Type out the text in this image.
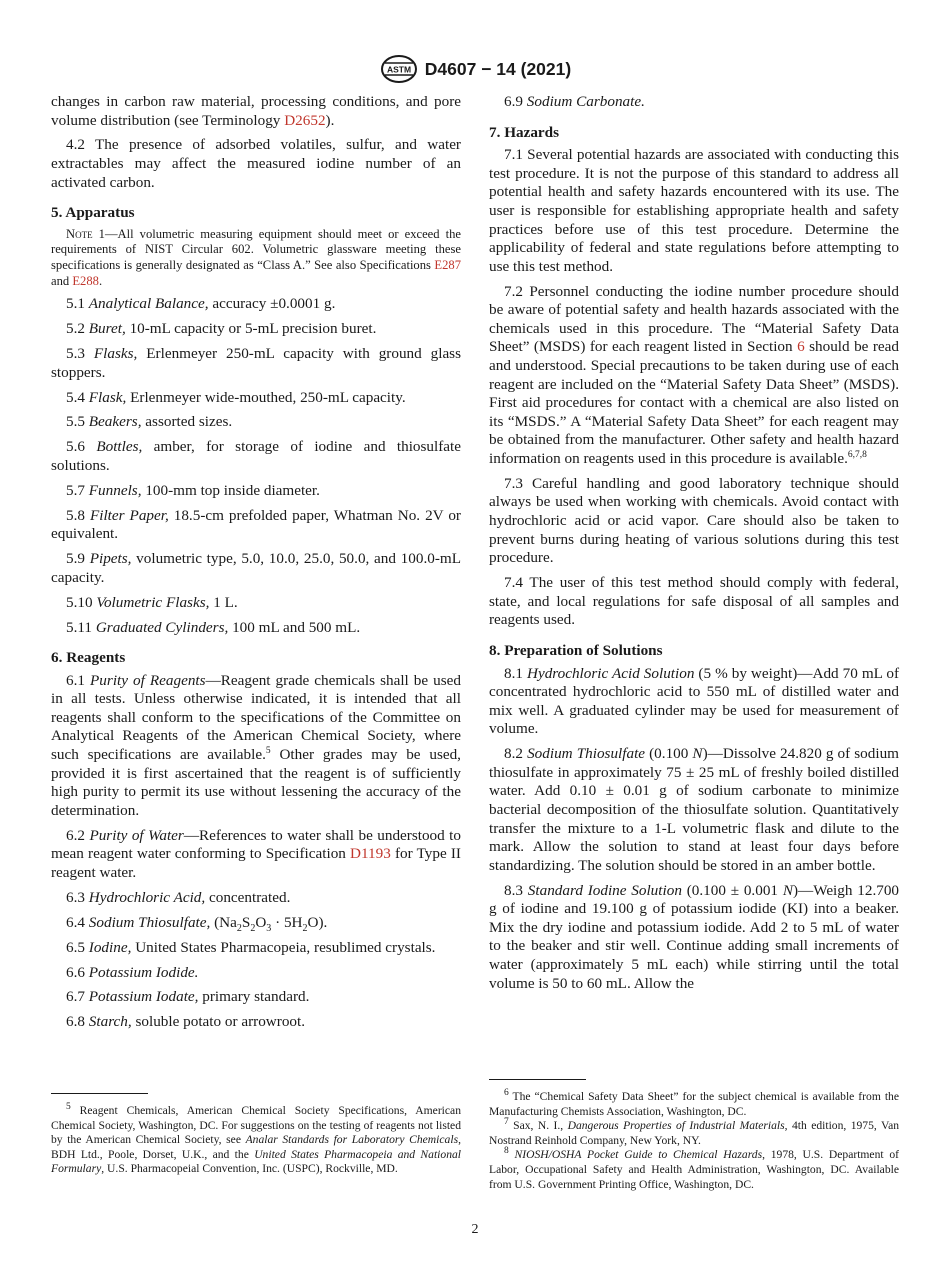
ASTM D4607 − 14 (2021)

changes in carbon raw material, processing conditions, and pore volume distribution (see Terminology D2652).

4.2 The presence of adsorbed volatiles, sulfur, and water extractables may affect the measured iodine number of an activated carbon.

5. Apparatus
Note 1—All volumetric measuring equipment should meet or exceed the requirements of NIST Circular 602. Volumetric glassware meeting these specifications is generally designated as “Class A.” See also Specifications E287 and E288.

5.1 Analytical Balance, accuracy ±0.0001 g.

5.2 Buret, 10-mL capacity or 5-mL precision buret.

5.3 Flasks, Erlenmeyer 250-mL capacity with ground glass stoppers.

5.4 Flask, Erlenmeyer wide-mouthed, 250-mL capacity.

5.5 Beakers, assorted sizes.

5.6 Bottles, amber, for storage of iodine and thiosulfate solutions.

5.7 Funnels, 100-mm top inside diameter.

5.8 Filter Paper, 18.5-cm prefolded paper, Whatman No. 2V or equivalent.

5.9 Pipets, volumetric type, 5.0, 10.0, 25.0, 50.0, and 100.0-mL capacity.

5.10 Volumetric Flasks, 1 L.

5.11 Graduated Cylinders, 100 mL and 500 mL.

6. Reagents

6.1 Purity of Reagents—Reagent grade chemicals shall be used in all tests. Unless otherwise indicated, it is intended that all reagents shall conform to the specifications of the Committee on Analytical Reagents of the American Chemical Society, where such specifications are available.$^5$ Other grades may be used, provided it is first ascertained that the reagent is of sufficiently high purity to permit its use without lessening the accuracy of the determination.

6.2 Purity of Water—References to water shall be understood to mean reagent water conforming to Specification D1193 for Type II reagent water.

6.3 Hydrochloric Acid, concentrated.

6.4 Sodium Thiosulfate, $(Na_2S_2O_3 \cdot 5H_2O)$.

6.5 Iodine, United States Pharmacopeia, resublimed crystals.

6.6 Potassium Iodide.

6.7 Potassium Iodate, primary standard.

6.8 Starch, soluble potato or arrowroot.

6.9 Sodium Carbonate.

7. Hazards

7.1 Several potential hazards are associated with conducting this test procedure. It is not the purpose of this standard to address all potential health and safety hazards encountered with its use. The user is responsible for establishing appropriate health and safety practices before use of this test procedure. Determine the applicability of federal and state regulations before attempting to use this test method.

7.2 Personnel conducting the iodine number procedure should be aware of potential safety and health hazards associated with the chemicals used in this procedure. The “Material Safety Data Sheet” (MSDS) for each reagent listed in Section 6 should be read and understood. Special precautions to be taken during use of each reagent are included on the “Material Safety Data Sheet” (MSDS). First aid procedures for contact with a chemical are also listed on its “MSDS.” A “Material Safety Data Sheet” for each reagent may be obtained from the manufacturer. Other safety and health hazard information on reagents used in this procedure is available.$^{6,7,8}$

7.3 Careful handling and good laboratory technique should always be used when working with chemicals. Avoid contact with hydrochloric acid or acid vapor. Care should also be taken to prevent burns during heating of various solutions during this test procedure.

7.4 The user of this test method should comply with federal, state, and local regulations for safe disposal of all samples and reagents used.

8. Preparation of Solutions

8.1 Hydrochloric Acid Solution (5 % by weight)—Add 70 mL of concentrated hydrochloric acid to 550 mL of distilled water and mix well. A graduated cylinder may be used for measurement of volume.

8.2 Sodium Thiosulfate (0.100 N)—Dissolve 24.820 g of sodium thiosulfate in approximately 75 ± 25 mL of freshly boiled distilled water. Add 0.10 ± 0.01 g of sodium carbonate to minimize bacterial decomposition of the thiosulfate solution. Quantitatively transfer the mixture to a 1-L volumetric flask and dilute to the mark. Allow the solution to stand at least four days before standardizing. The solution should be stored in an amber bottle.

8.3 Standard Iodine Solution (0.100 ± 0.001 N)—Weigh 12.700 g of iodine and 19.100 g of potassium iodide (KI) into a beaker. Mix the dry iodine and potassium iodide. Add 2 to 5 mL of water to the beaker and stir well. Continue adding small increments of water (approximately 5 mL each) while stirring until the total volume is 50 to 60 mL. Allow the

$^5$ Reagent Chemicals, American Chemical Society Specifications, American Chemical Society, Washington, DC. For suggestions on the testing of reagents not listed by the American Chemical Society, see Analar Standards for Laboratory Chemicals, BDH Ltd., Poole, Dorset, U.K., and the United States Pharmacopeia and National Formulary, U.S. Pharmacopeial Convention, Inc. (USPC), Rockville, MD.

$^6$ The “Chemical Safety Data Sheet” for the subject chemical is available from the Manufacturing Chemists Association, Washington, DC.

$^7$ Sax, N. I., Dangerous Properties of Industrial Materials, 4th edition, 1975, Van Nostrand Reinhold Company, New York, NY.

$^8$ NIOSH/OSHA Pocket Guide to Chemical Hazards, 1978, U.S. Department of Labor, Occupational Safety and Health Administration, Washington, DC. Available from U.S. Government Printing Office, Washington, DC.

2
